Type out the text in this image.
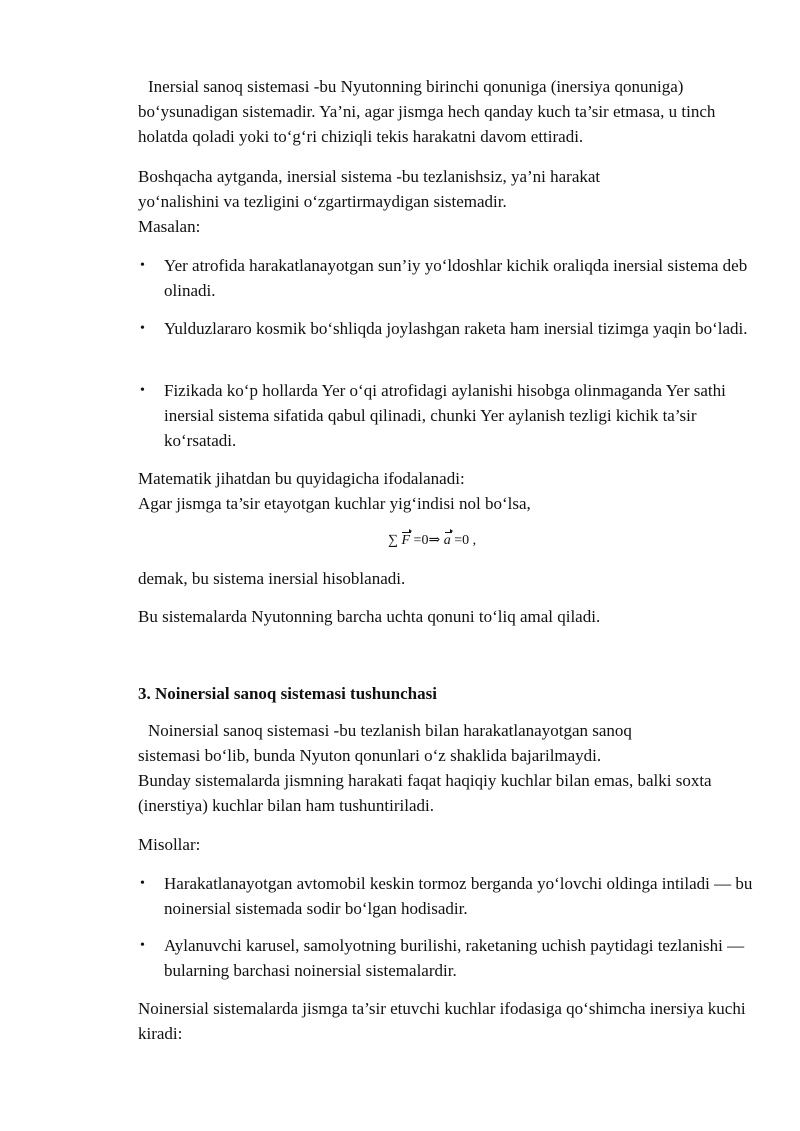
Inersial sanoq sistemasi -bu Nyutonning birinchi qonuniga (inersiya qonuniga) bo‘ysunadigan sistemadir. Ya’ni, agar jismga hech qanday kuch ta’sir etmasa, u tinch holatda qoladi yoki to‘g‘ri chiziqli tekis harakatni davom ettiradi.

Boshqacha aytganda, inersial sistema -bu tezlanishsiz, ya’ni harakat
yo‘nalishini va tezligini o‘zgartirmaydigan sistemadir.
Masalan:
• Yer atrofida harakatlanayotgan sun’iy yo‘ldoshlar kichik oraliqda inersial sistema deb olinadi.
• Yulduzlararo kosmik bo‘shliqda joylashgan raketa ham inersial tizimga yaqin bo‘ladi.
• Fizikada ko‘p hollarda Yer o‘qi atrofidagi aylanishi hisobga olinmaganda Yer sathi inersial sistema sifatida qabul qilinadi, chunki Yer aylanish tezligi kichik ta’sir ko‘rsatadi.
Matematik jihatdan bu quyidagicha ifodalanadi:
Agar jismga ta’sir etayotgan kuchlar yig‘indisi nol bo‘lsa,
∑ F =0⇒ a =0 ,

demak, bu sistema inersial hisoblanadi.

Bu sistemalarda Nyutonning barcha uchta qonuni to‘liq amal qiladi.

3. Noinersial sanoq sistemasi tushunchasi
Noinersial sanoq sistemasi -bu tezlanish bilan harakatlanayotgan sanoq
sistemasi bo‘lib, bunda Nyuton qonunlari o‘z shaklida bajarilmaydi.
Bunday sistemalarda jismning harakati faqat haqiqiy kuchlar bilan emas, balki soxta (inerstiya) kuchlar bilan ham tushuntiriladi.

Misollar:

• Harakatlanayotgan avtomobil keskin tormoz berganda yo‘lovchi oldinga intiladi — bu noinersial sistemada sodir bo‘lgan hodisadir.
• Aylanuvchi karusel, samolyotning burilishi, raketaning uchish paytidagi tezlanishi — bularning barchasi noinersial sistemalardir.

Noinersial sistemalarda jismga ta’sir etuvchi kuchlar ifodasiga qo‘shimcha inersiya kuchi kiradi:
